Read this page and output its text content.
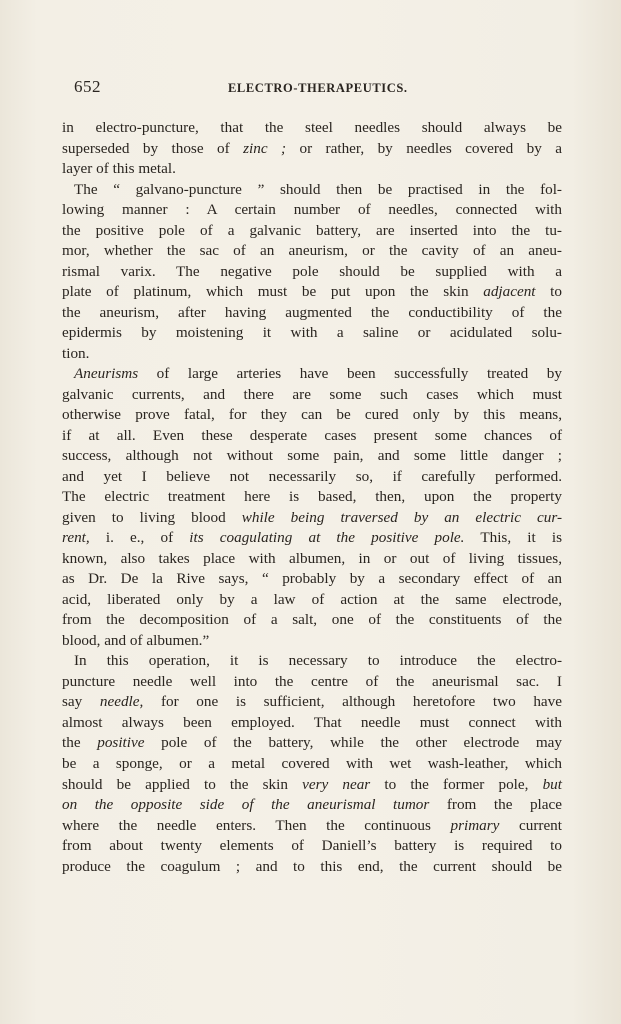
652	ELECTRO-THERAPEUTICS.
in electro-puncture, that the steel needles should always be
superseded by those of zinc ; or rather, by needles covered by a
layer of this metal.
The “ galvano-puncture ” should then be practised in the fol-
lowing manner : A certain number of needles, connected with
the positive pole of a galvanic battery, are inserted into the tu-
mor, whether the sac of an aneurism, or the cavity of an aneu-
rismal varix. The negative pole should be supplied with a
plate of platinum, which must be put upon the skin adjacent to
the aneurism, after having augmented the conductibility of the
epidermis by moistening it with a saline or acidulated solu-
tion.
Aneurisms of large arteries have been successfully treated by
galvanic currents, and there are some such cases which must
otherwise prove fatal, for they can be cured only by this means,
if at all. Even these desperate cases present some chances of
success, although not without some pain, and some little danger ;
and yet I believe not necessarily so, if carefully performed.
The electric treatment here is based, then, upon the property
given to living blood while being traversed by an electric cur-
rent, i. e., of its coagulating at the positive pole. This, it is
known, also takes place with albumen, in or out of living tissues,
as Dr. De la Rive says, “ probably by a secondary effect of an
acid, liberated only by a law of action at the same electrode,
from the decomposition of a salt, one of the constituents of the
blood, and of albumen.”
In this operation, it is necessary to introduce the electro-
puncture needle well into the centre of the aneurismal sac. I
say needle, for one is sufficient, although heretofore two have
almost always been employed. That needle must connect with
the positive pole of the battery, while the other electrode may
be a sponge, or a metal covered with wet wash-leather, which
should be applied to the skin very near to the former pole, but
on the opposite side of the aneurismal tumor from the place
where the needle enters. Then the continuous primary current
from about twenty elements of Daniell’s battery is required to
produce the coagulum ; and to this end, the current should be
